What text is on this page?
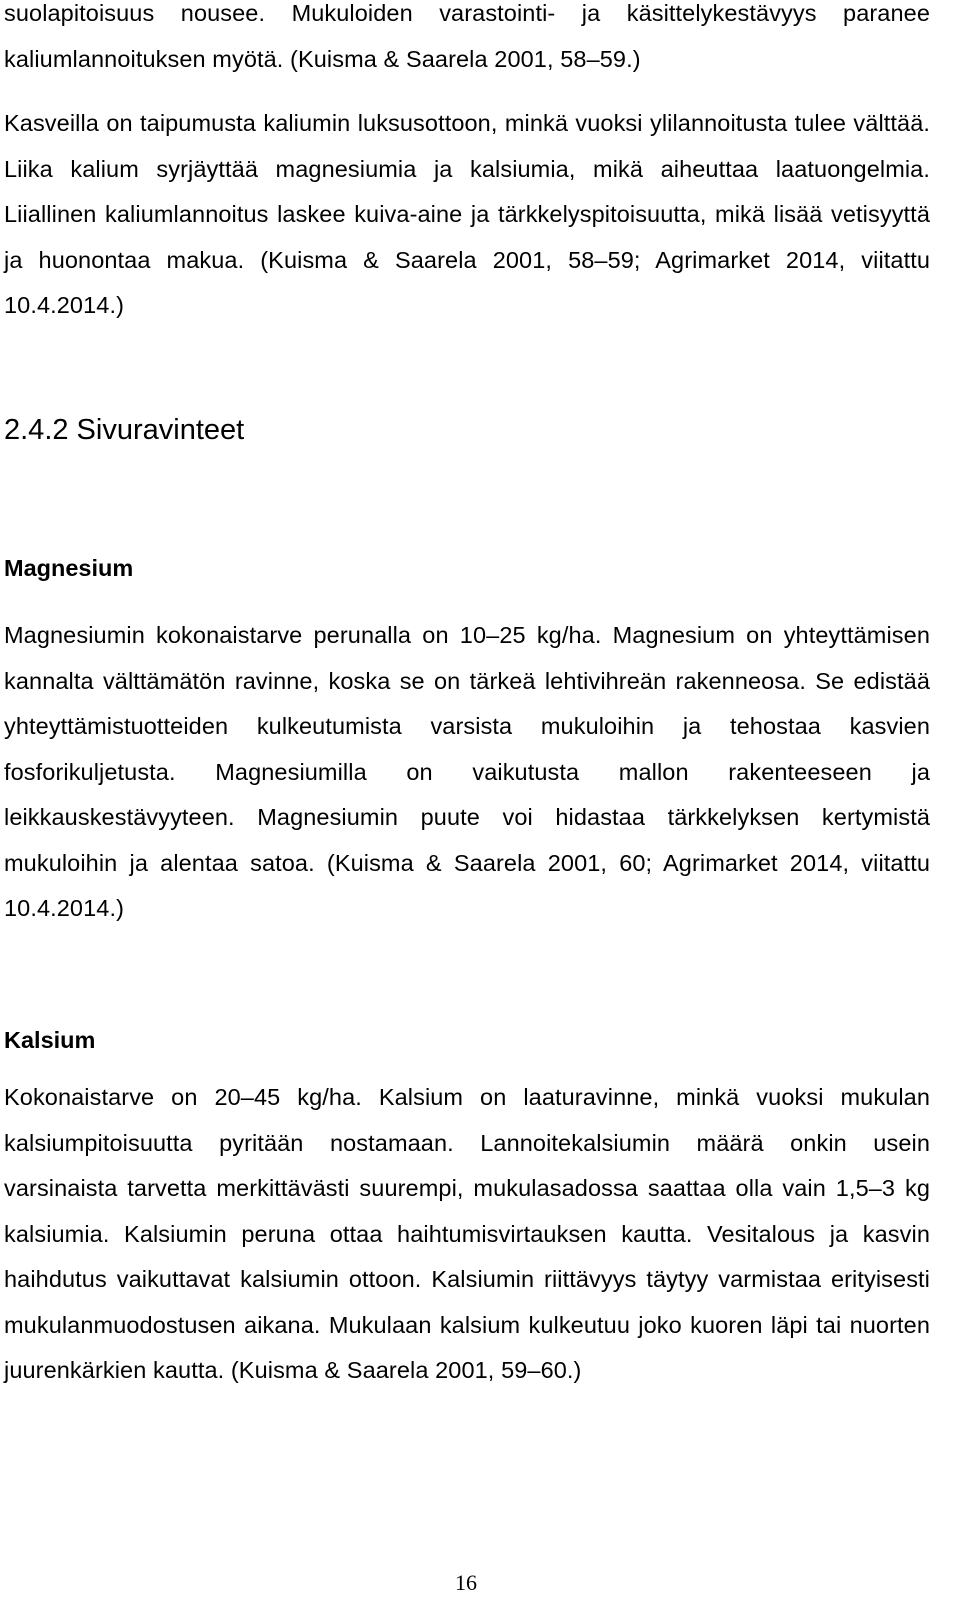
suolapitoisuus nousee. Mukuloiden varastointi- ja käsittelykestävyys paranee kaliumlannoituksen myötä. (Kuisma & Saarela 2001, 58–59.)

Kasveilla on taipumusta kaliumin luksusottoon, minkä vuoksi ylilannoitusta tulee välttää. Liika kalium syrjäyttää magnesiumia ja kalsiumia, mikä aiheuttaa laatuongelmia. Liiallinen kaliumlannoitus laskee kuiva-aine ja tärkkelyspitoisuutta, mikä lisää vetisyyttä ja huonontaa makua. (Kuisma & Saarela 2001, 58–59; Agrimarket 2014, viitattu 10.4.2014.)

2.4.2 Sivuravinteet
Magnesium

Magnesiumin kokonaistarve perunalla on 10–25 kg/ha. Magnesium on yhteyttämisen kannalta välttämätön ravinne, koska se on tärkeä lehtivihreän rakenneosa. Se edistää yhteyttämistuotteiden kulkeutumista varsista mukuloihin ja tehostaa kasvien fosforikuljetusta. Magnesiumilla on vaikutusta mallon rakenteeseen ja leikkauskestävyyteen. Magnesiumin puute voi hidastaa tärkkelyksen kertymistä mukuloihin ja alentaa satoa. (Kuisma & Saarela 2001, 60; Agrimarket 2014, viitattu 10.4.2014.)

Kalsium

Kokonaistarve on 20–45 kg/ha. Kalsium on laaturavinne, minkä vuoksi mukulan kalsiumpitoisuutta pyritään nostamaan. Lannoitekalsiumin määrä onkin usein varsinaista tarvetta merkittävästi suurempi, mukulasadossa saattaa olla vain 1,5–3 kg kalsiumia. Kalsiumin peruna ottaa haihtumisvirtauksen kautta. Vesitalous ja kasvin haihdutus vaikuttavat kalsiumin ottoon. Kalsiumin riittävyys täytyy varmistaa erityisesti mukulanmuodostusen aikana. Mukulaan kalsium kulkeutuu joko kuoren läpi tai nuorten juurenkärkien kautta. (Kuisma & Saarela 2001, 59–60.)

16
